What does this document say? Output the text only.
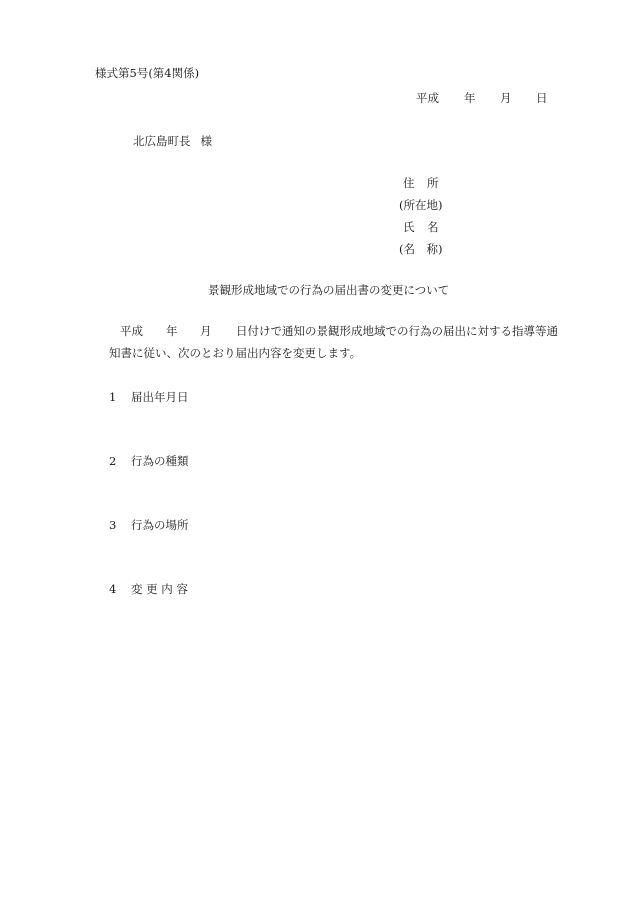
様式第5号(第4関係)
平成 年 月 日
北広島町長 様
住 所
(所在地)
氏 名
(名　称)
景観形成地域での行為の届出書の変更について
平成 年 月 日付けで通知の景観形成地域での行為の届出に対する指導等通
知書に従い、次のとおり届出内容を変更します。
1 届出年月日
2 行為の種類
3 行為の場所
4 変 更 内 容
